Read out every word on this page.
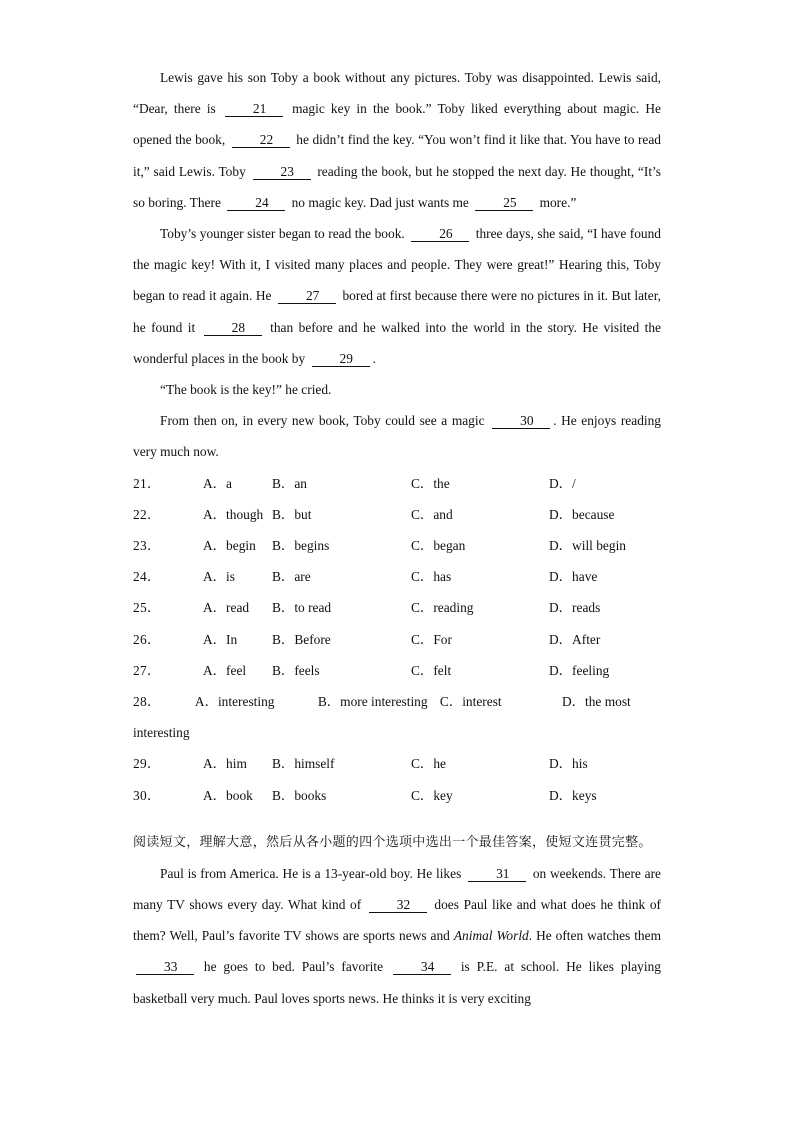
Lewis gave his son Toby a book without any pictures. Toby was disappointed. Lewis said, “Dear, there is 21 magic key in the book.” Toby liked everything about magic. He opened the book, 22 he didn’t find the key. “You won’t find it like that. You have to read it,” said Lewis. Toby 23 reading the book, but he stopped the next day. He thought, “It’s so boring. There 24 no magic key. Dad just wants me 25 more.”

Toby’s younger sister began to read the book. 26 three days, she said, “I have found the magic key! With it, I visited many places and people. They were great!” Hearing this, Toby began to read it again. He 27 bored at first because there were no pictures in it. But later, he found it 28 than before and he walked into the world in the story. He visited the wonderful places in the book by 29 .

“The book is the key!” he cried.

From then on, in every new book, Toby could see a magic 30 . He enjoys reading very much now.

21．	A．a	B．an	C．the	D．/
22．	A．though B．but	C．and	D．because
23．	A．begin	B．begins	C．began	D．will begin
24．	A．is	B．are	C．has	D．have
25．	A．read	B．to read	C．reading	D．reads
26．	A．In	B．Before	C．For	D．After
27．	A．feel	B．feels	C．felt	D．feeling
28．	A．interesting	B．more interesting C．interest	D．the most
interesting
29．	A．him	B．himself	C．he	D．his
30．	A．book	B．books	C．key	D．keys
阅读短文，理解大意，然后从各小题的四个选项中选出一个最佳答案，使短文连贯完整。

Paul is from America. He is a 13-year-old boy. He likes 31 on weekends. There are many TV shows every day. What kind of 32 does Paul like and what does he think of them? Well, Paul’s favorite TV shows are sports news and Animal World. He often watches them 33 he goes to bed. Paul’s favorite 34 is P.E. at school. He likes playing basketball very much. Paul loves sports news. He thinks it is very exciting
